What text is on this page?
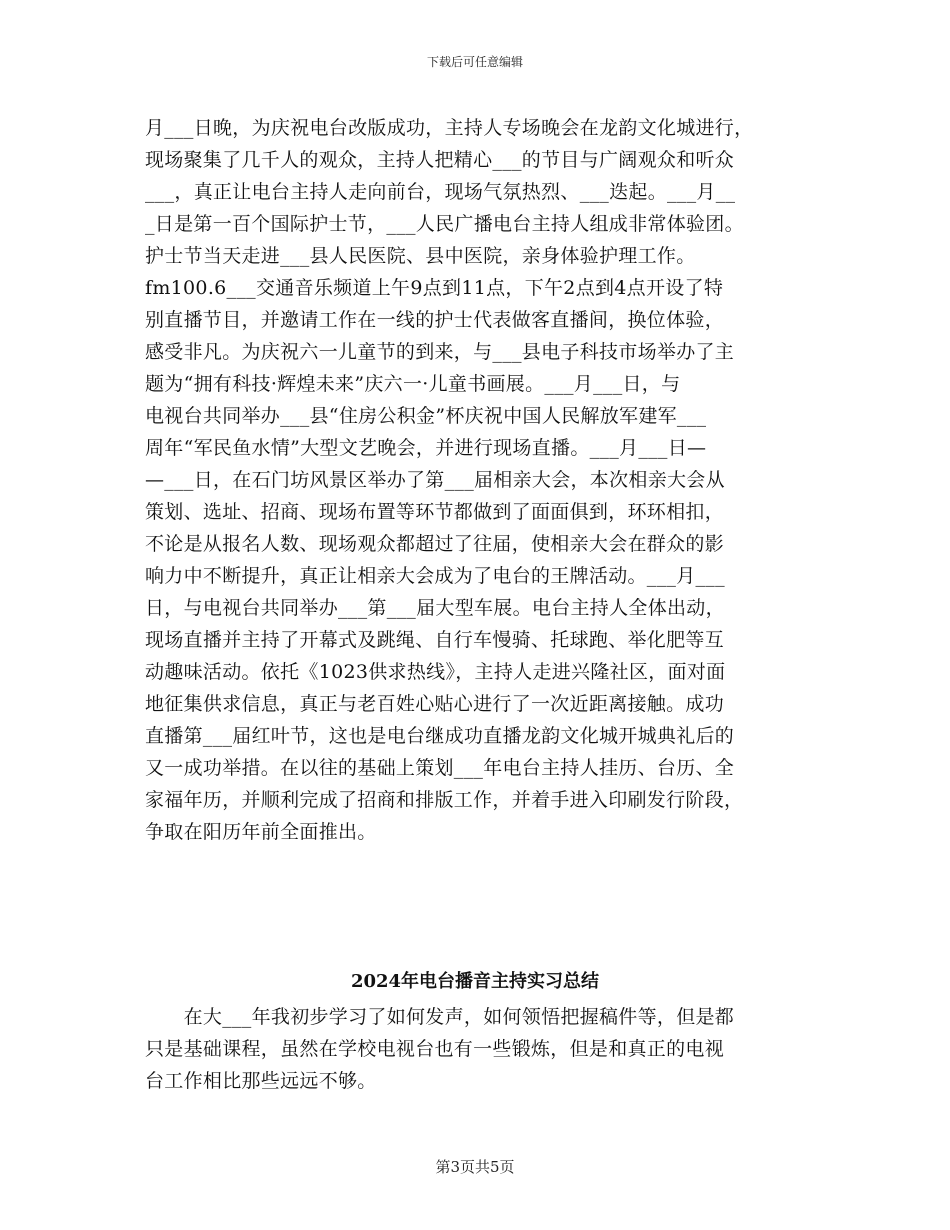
下载后可任意编辑
月___日晚，为庆祝电台改版成功，主持人专场晚会在龙韵文化城进行，
现场聚集了几千人的观众，主持人把精心___的节目与广阔观众和听众
___，真正让电台主持人走向前台，现场气氛热烈、___迭起。___月__
_日是第一百个国际护士节，___人民广播电台主持人组成非常体验团。
护士节当天走进___县人民医院、县中医院，亲身体验护理工作。
fm100.6___交通音乐频道上午9点到11点，下午2点到4点开设了特
别直播节目，并邀请工作在一线的护士代表做客直播间，换位体验，
感受非凡。为庆祝六一儿童节的到来，与___县电子科技市场举办了主
题为“拥有科技·辉煌未来”庆六一·儿童书画展。___月___日，与
电视台共同举办___县“住房公积金”杯庆祝中国人民解放军建军___
周年“军民鱼水情”大型文艺晚会，并进行现场直播。___月___日—
—___日，在石门坊风景区举办了第___届相亲大会，本次相亲大会从
策划、选址、招商、现场布置等环节都做到了面面俱到，环环相扣，
不论是从报名人数、现场观众都超过了往届，使相亲大会在群众的影
响力中不断提升，真正让相亲大会成为了电台的王牌活动。___月___
日，与电视台共同举办___第___届大型车展。电台主持人全体出动，
现场直播并主持了开幕式及跳绳、自行车慢骑、托球跑、举化肥等互
动趣味活动。依托《1023供求热线》，主持人走进兴隆社区，面对面
地征集供求信息，真正与老百姓心贴心进行了一次近距离接触。成功
直播第___届红叶节，这也是电台继成功直播龙韵文化城开城典礼后的
又一成功举措。在以往的基础上策划___年电台主持人挂历、台历、全
家福年历，并顺利完成了招商和排版工作，并着手进入印刷发行阶段，
争取在阳历年前全面推出。
2024年电台播音主持实习总结
　　在大___年我初步学习了如何发声，如何领悟把握稿件等，但是都
只是基础课程，虽然在学校电视台也有一些锻炼，但是和真正的电视
台工作相比那些远远不够。
第3页共5页
